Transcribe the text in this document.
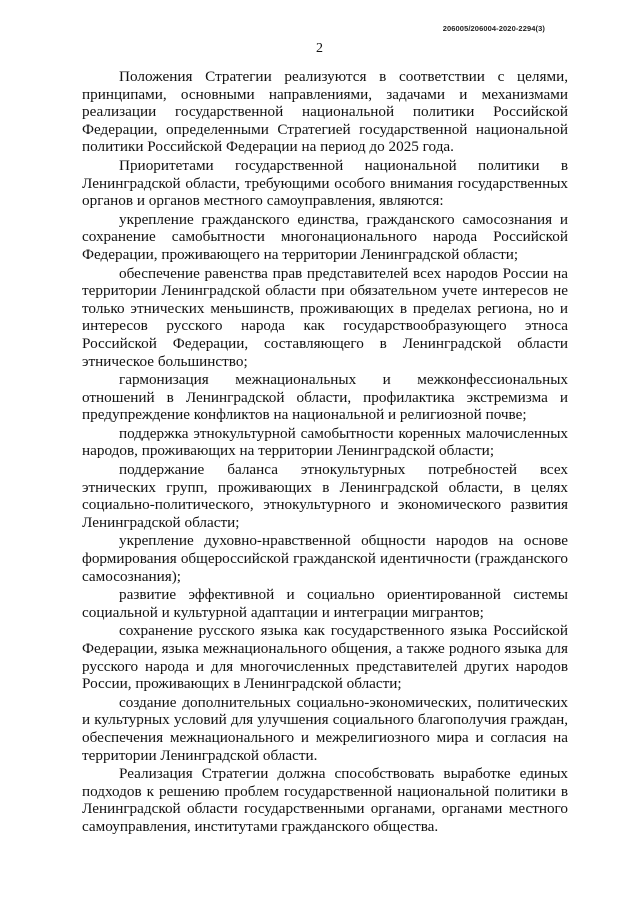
206005/206004-2020-2294(3)
2

Положения Стратегии реализуются в соответствии с целями, принципами, основными направлениями, задачами и механизмами реализации государственной национальной политики Российской Федерации, определенными Стратегией государственной национальной политики Российской Федерации на период до 2025 года.

Приоритетами государственной национальной политики в Ленинградской области, требующими особого внимания государственных органов и органов местного самоуправления, являются:

укрепление гражданского единства, гражданского самосознания и сохранение самобытности многонационального народа Российской Федерации, проживающего на территории Ленинградской области;

обеспечение равенства прав представителей всех народов России на территории Ленинградской области при обязательном учете интересов не только этнических меньшинств, проживающих в пределах региона, но и интересов русского народа как государствообразующего этноса Российской Федерации, составляющего в Ленинградской области этническое большинство;

гармонизация межнациональных и межконфессиональных отношений в Ленинградской области, профилактика экстремизма и предупреждение конфликтов на национальной и религиозной почве;

поддержка этнокультурной самобытности коренных малочисленных народов, проживающих на территории Ленинградской области;

поддержание баланса этнокультурных потребностей всех этнических групп, проживающих в Ленинградской области, в целях социально-политического, этнокультурного и экономического развития Ленинградской области;

укрепление духовно-нравственной общности народов на основе формирования общероссийской гражданской идентичности (гражданского самосознания);

развитие эффективной и социально ориентированной системы социальной и культурной адаптации и интеграции мигрантов;

сохранение русского языка как государственного языка Российской Федерации, языка межнационального общения, а также родного языка для русского народа и для многочисленных представителей других народов России, проживающих в Ленинградской области;

создание дополнительных социально-экономических, политических и культурных условий для улучшения социального благополучия граждан, обеспечения межнационального и межрелигиозного мира и согласия на территории Ленинградской области.

Реализация Стратегии должна способствовать выработке единых подходов к решению проблем государственной национальной политики в Ленинградской области государственными органами, органами местного самоуправления, институтами гражданского общества.
